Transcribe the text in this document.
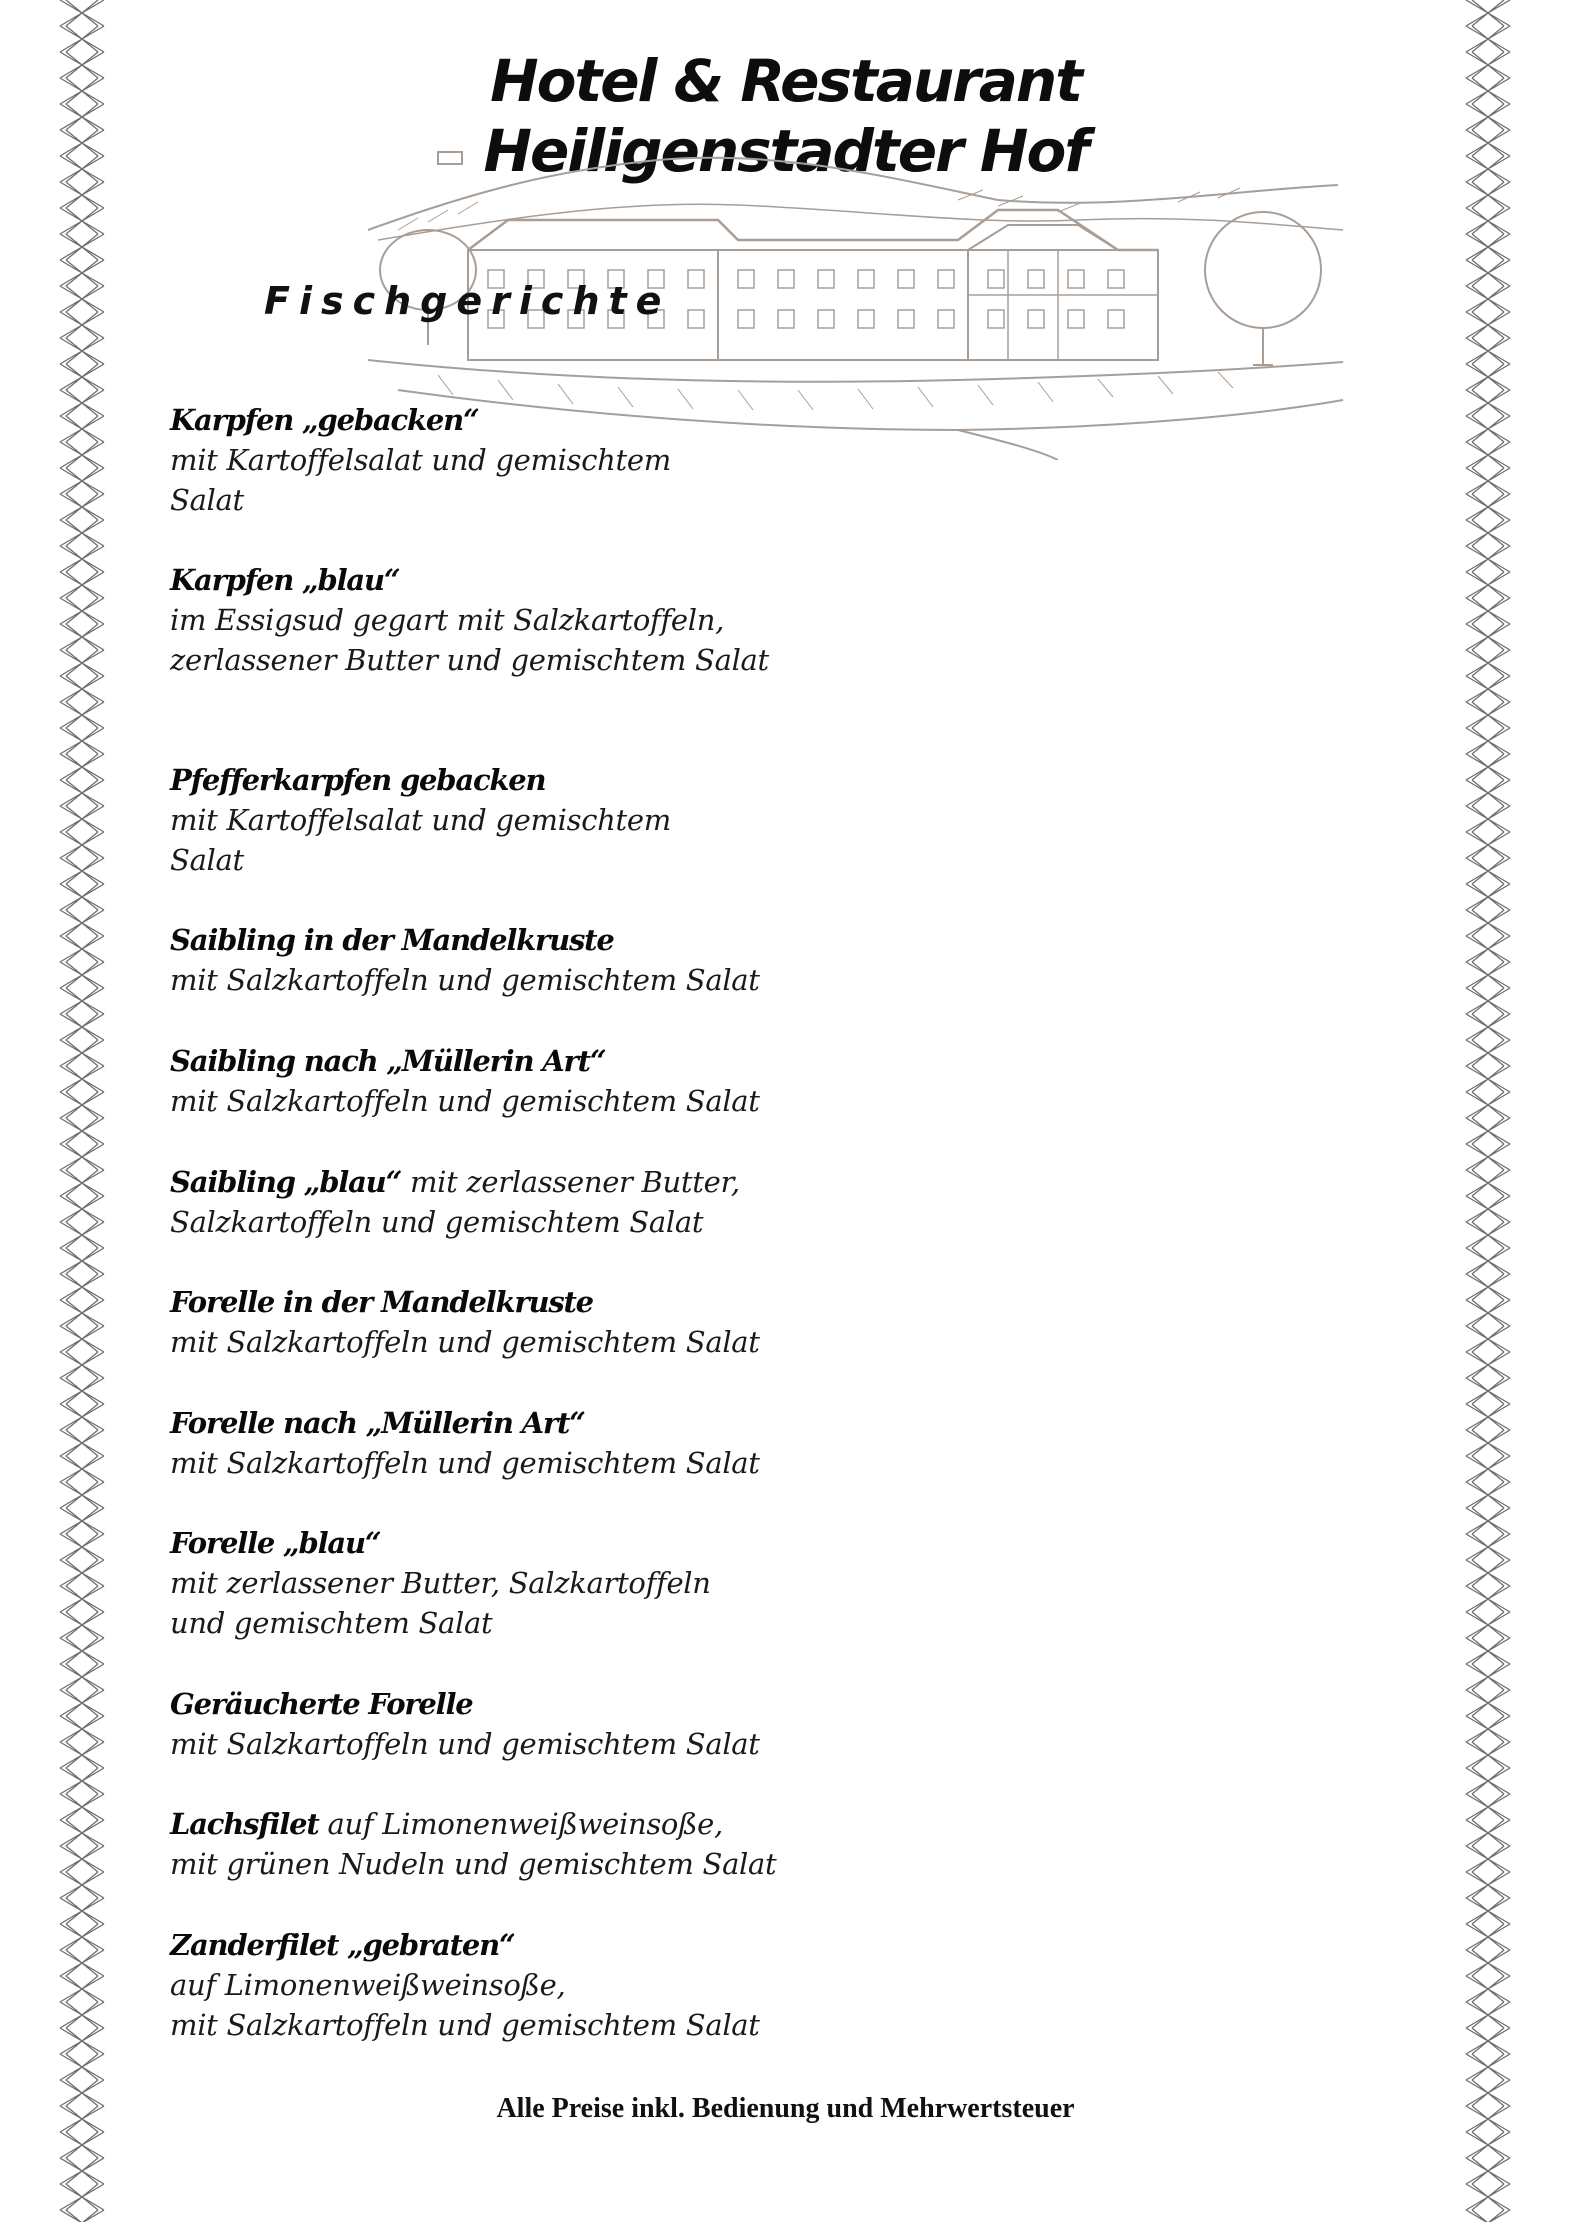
Hotel & Restaurant
Heiligenstadter Hof
Fischgerichte
Karpfen „gebacken“
mit Kartoffelsalat und gemischtem
Salat
Karpfen „blau“
im Essigsud gegart mit Salzkartoffeln,
zerlassener Butter und gemischtem Salat
Pfefferkarpfen gebacken
mit Kartoffelsalat und gemischtem
Salat
Saibling in der Mandelkruste
mit Salzkartoffeln und gemischtem Salat
Saibling nach „Müllerin Art“
mit Salzkartoffeln und gemischtem Salat
Saibling „blau“ mit zerlassener Butter,
Salzkartoffeln und gemischtem Salat
Forelle in der Mandelkruste
mit Salzkartoffeln und gemischtem Salat
Forelle nach „Müllerin Art“
mit Salzkartoffeln und gemischtem Salat
Forelle „blau“
mit zerlassener Butter, Salzkartoffeln
und gemischtem Salat
Geräucherte Forelle
mit Salzkartoffeln und gemischtem Salat
Lachsfilet auf Limonenweißweinsoße,
mit grünen Nudeln und gemischtem Salat
Zanderfilet „gebraten“
auf Limonenweißweinsoße,
mit Salzkartoffeln und gemischtem Salat

Alle Preise inkl. Bedienung und Mehrwertsteuer
